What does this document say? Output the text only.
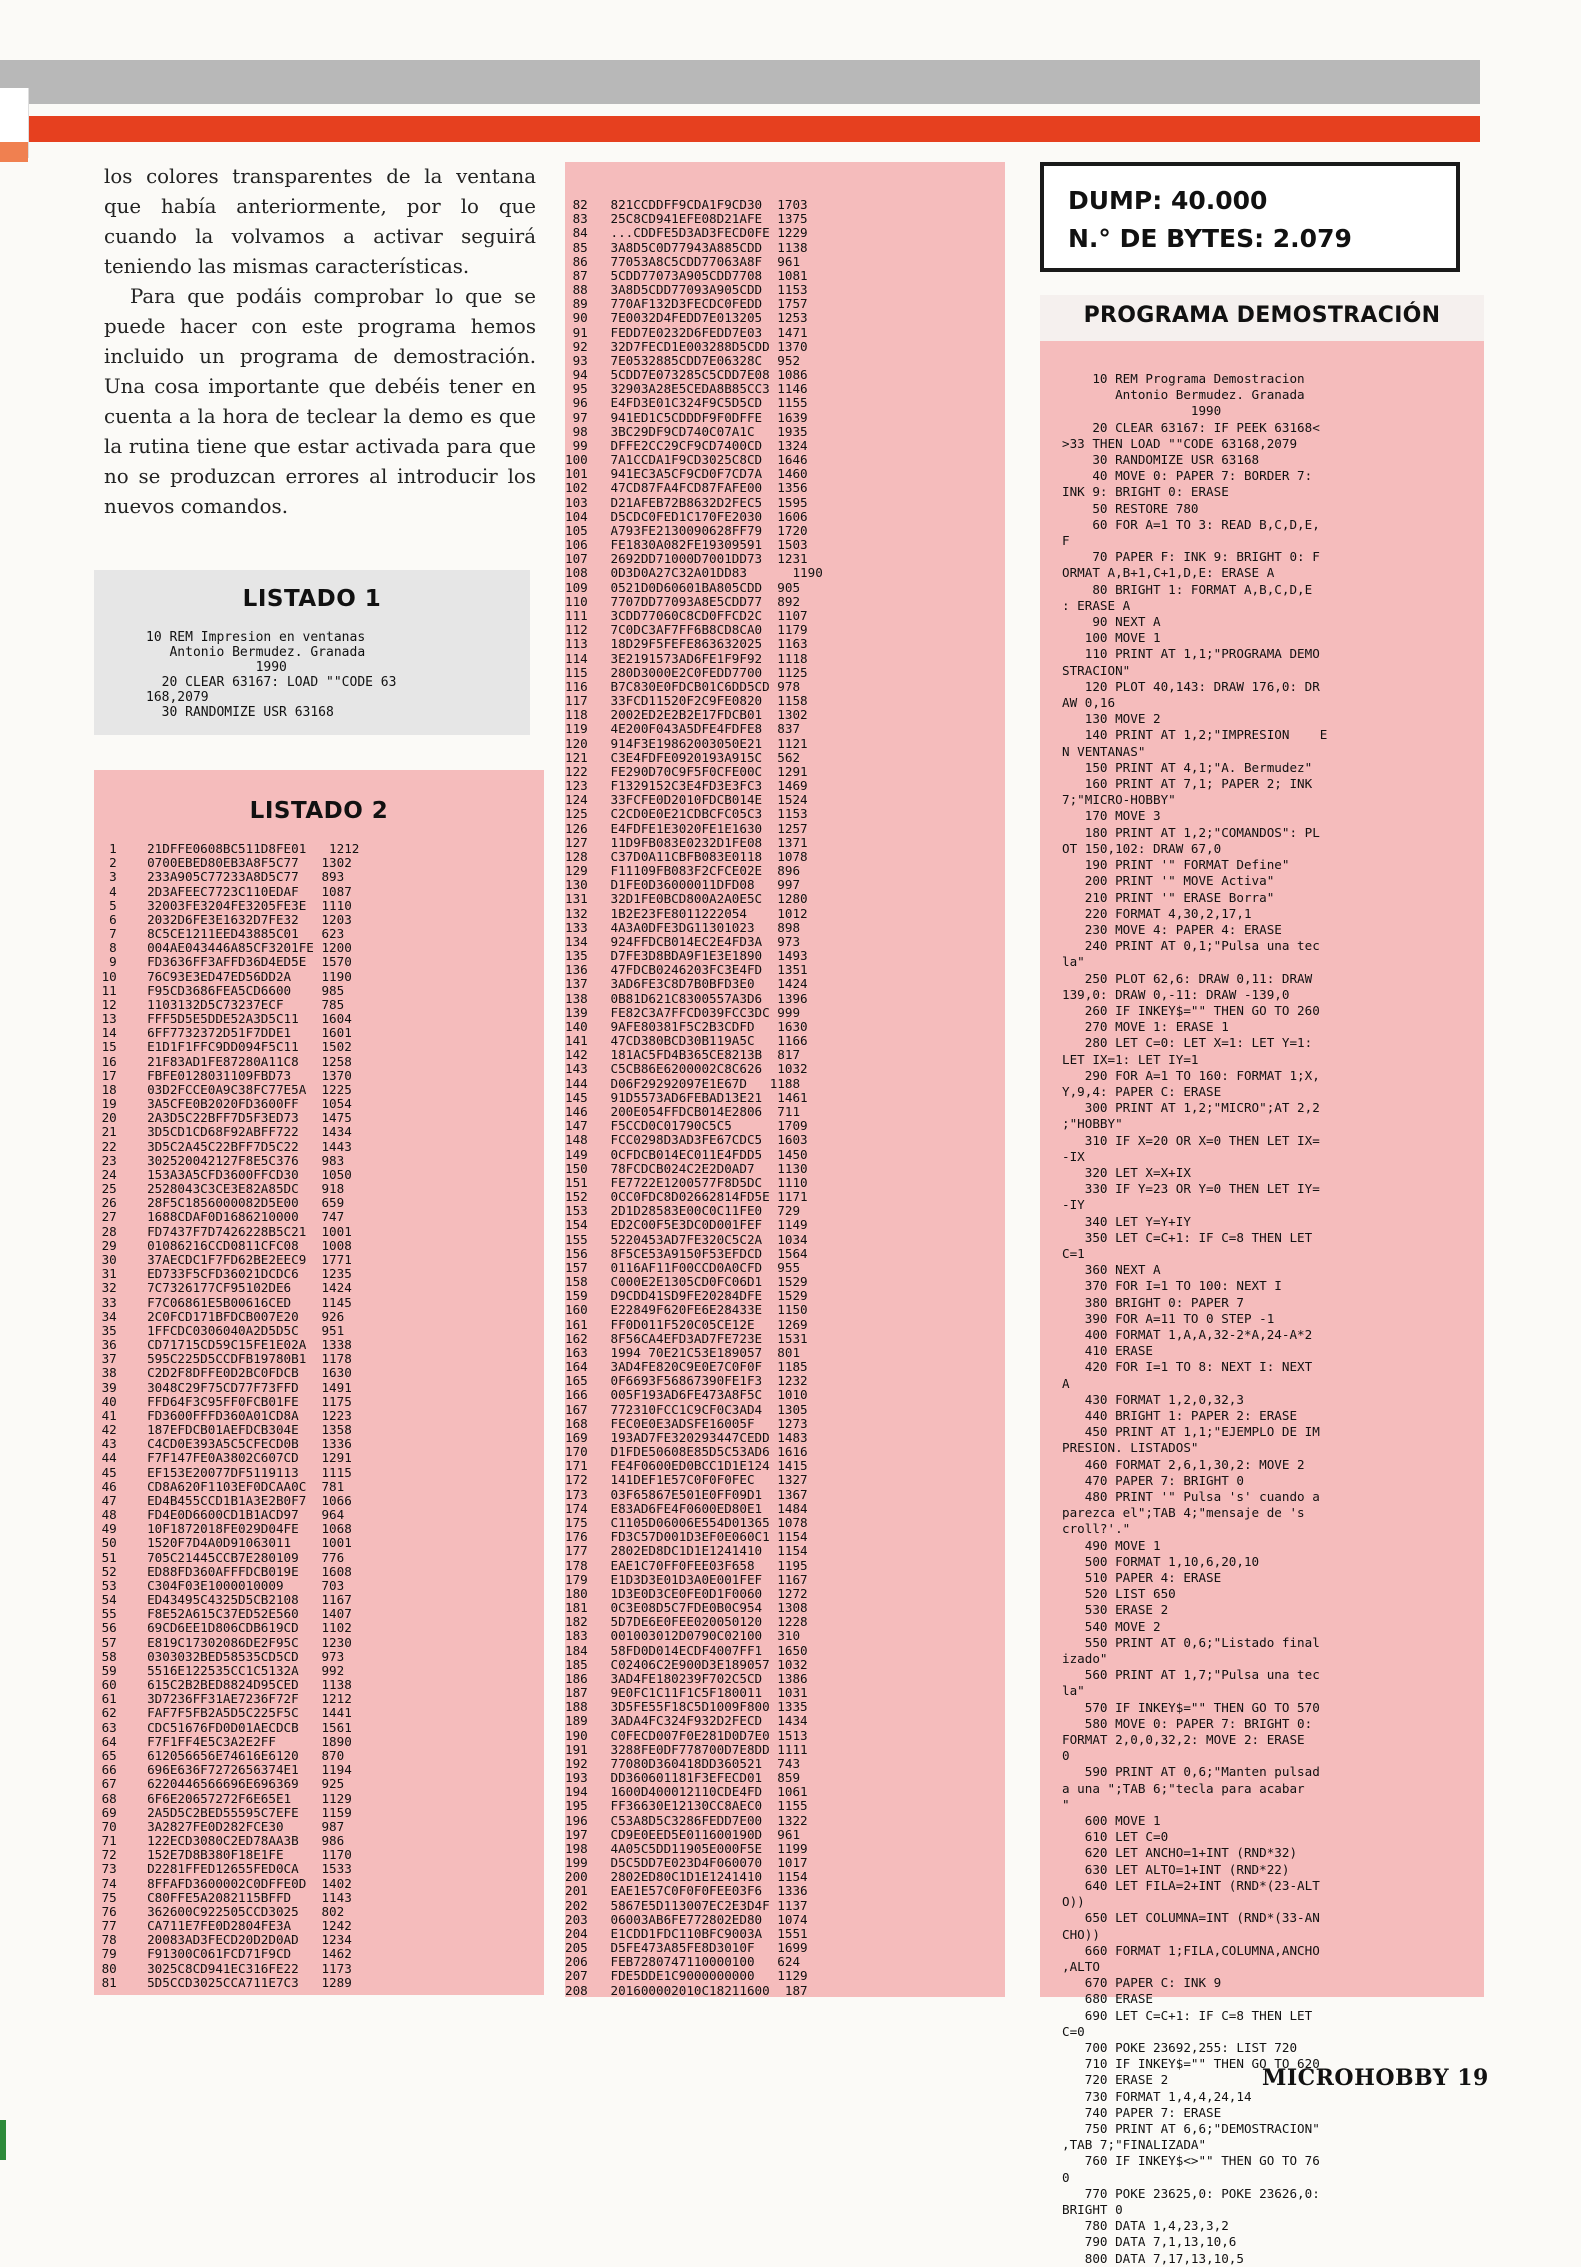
los colores transparentes de la ventana que había anteriormente, por lo que cuando la volvamos a activar seguirá teniendo las mismas características.

Para que podáis comprobar lo que se puede hacer con este programa hemos incluido un programa de demostración. Una cosa importante que debéis tener en cuenta a la hora de teclear la demo es que la rutina tiene que estar activada para que no se produzcan errores al introducir los nuevos comandos.

LISTADO 1
10 REM Impresion en ventanas
Antonio Bermudez. Granada
1990
20 CLEAR 63167: LOAD ""CODE 63
168,2079
30 RANDOMIZE USR 63168
LISTADO 2
1    21DFFE0608BC511D8FE01   1212
2    0700EBED80EB3A8F5C77   1302
3    233A905C77233A8D5C77   893
4    2D3AFEEC7723C110EDAF   1087
5    32003FE3204FE3205FE3E  1110
6    2032D6FE3E1632D7FE32   1203
7    8C5CE1211EED43885C01   623
8    004AE043446A85CF3201FE 1200
9    FD3636FF3AFFD36D4ED5E  1570
10    76C93E3ED47ED56DD2A    1190
11    F95CD3686FEA5CD6600    985
12    1103132D5C73237ECF     785
13    FFF5D5E5DDE52A3D5C11   1604
14    6FF7732372D51F7DDE1    1601
15    E1D1F1FFC9DD094F5C11   1502
16    21F83AD1FE87280A11C8   1258
17    FBFE0128031109FBD73    1370
18    03D2FCCE0A9C38FC77E5A  1225
19    3A5CFE0B2020FD3600FF   1054
20    2A3D5C22BFF7D5F3ED73   1475
21    3D5CD1CD68F92ABFF722   1434
22    3D5C2A45C22BFF7D5C22   1443
23    302520042127F8E5C376   983
24    153A3A5CFD3600FFCD30   1050
25    2528043C3CE3E82A85DC   918
26    28F5C1856000082D5E00   659
27    1688CDAF0D1686210000   747
28    FD7437F7D7426228B5C21  1001
29    01086216CCD0811CFC08   1008
30    37AECDC1F7FD62BE2EEC9  1771
31    ED733F5CFD36021DCDC6   1235
32    7C7326177CF95102DE6    1424
33    F7C06861E5B00616CED    1145
34    2C0FCD171BFDCB007E20   926
35    1FFCDC0306040A2D5D5C   951
36    CD71715CD59C15FE1E02A  1338
37    595C225D5CCDFB19780B1  1178
38    C2D2F8DFFE0D2BC0FDCB   1630
39    3048C29F75CD77F73FFD   1491
40    FFD64F3C95FF0FCB01FE   1175
41    FD3600FFFD360A01CD8A   1223
42    187EFDCB01AEFDCB304E   1358
43    C4CD0E393A5C5CFECD0B   1336
44    F7F147FE0A3802C607CD   1291
45    EF153E20077DF5119113   1115
46    CD8A620F1103EF0DCAA0C  781
47    ED4B455CCD1B1A3E2B0F7  1066
48    FD4E0D6600CD1B1ACD97   964
49    10F1872018FE029D04FE   1068
50    1520F7D4A0D91063011    1001
51    705C21445CCB7E280109   776
52    ED88FD360AFFFDCB019E   1608
53    C304F03E1000010009     703
54    ED43495C4325D5CB2108   1167
55    F8E52A615C37ED52E560   1407
56    69CD6EE1D806CDB619CD   1102
57    E819C17302086DE2F95C   1230
58    0303032BED58535CD5CD   973
59    5516E122535CC1C5132A   992
60    615C2B2BED8824D95CED   1138
61    3D7236FF31AE7236F72F   1212
62    FAF7F5FB2A5D5C225F5C   1441
63    CDC51676FD0D01AECDCB   1561
64    F7F1FF4E5C3A2E2FF      1890
65    612056656E74616E6120   870
66    696E636F7272656374E1   1194
67    6220446566696E696369   925
68    6F6E20657272F6E65E1    1129
69    2A5D5C2BED55595C7EFE   1159
70    3A2827FE0D282FCE30     987
71    122ECD3080C2ED78AA3B   986
72    152E7D8B380F18E1FE     1170
73    D2281FFED12655FED0CA   1533
74    8FFAFD3600002C0DFFE0D  1402
75    C80FFE5A2082115BFFD    1143
76    362600C922505CCD3025   802
77    CA711E7FE0D2804FE3A    1242
78    20083AD3FECD20D2D0AD   1234
79    F91300C061FCD71F9CD    1462
80    3025C8CD941EC316FE22   1173
81    5D5CCD3025CCA711E7C3   1289
82   821CCDDFF9CDA1F9CD30  1703
83   25C8CD941EFE08D21AFE  1375
84   ...CDDFE5D3AD3FECD0FE 1229
85   3A8D5C0D77943A885CDD  1138
86   77053A8C5CDD77063A8F  961
87   5CDD77073A905CDD7708  1081
88   3A8D5CDD77093A905CDD  1153
89   770AF132D3FECDC0FEDD  1757
90   7E0032D4FEDD7E013205  1253
91   FEDD7E0232D6FEDD7E03  1471
92   32D7FECD1E003288D5CDD 1370
93   7E0532885CDD7E06328C  952
94   5CDD7E073285C5CDD7E08 1086
95   32903A28E5CEDA8B85CC3 1146
96   E4FD3E01C324F9C5D5CD  1155
97   941ED1C5CDDDF9F0DFFE  1639
98   3BC29DF9CD740C07A1C   1935
99   DFFE2CC29CF9CD7400CD  1324
100   7A1CCDA1F9CD3025C8CD  1646
101   941EC3A5CF9CD0F7CD7A  1460
102   47CD87FA4FCD87FAFE00  1356
103   D21AFEB72B8632D2FEC5  1595
104   D5CDC0FED1C170FE2030  1606
105   A793FE2130090628FF79  1720
106   FE1830A082FE19309591  1503
107   2692DD71000D7001DD73  1231
108   0D3D0A27C32A01DD83      1190
109   0521D0D60601BA805CDD  905
110   7707DD77093A8E5CDD77  892
111   3CDD77060C8CD0FFCD2C  1107
112   7C0DC3AF7FF6B8CD8CA0  1179
113   18D29F5FEFE863632025  1163
114   3E2191573AD6FE1F9F92  1118
115   280D3000E2C0FEDD7700  1125
116   B7C830E0FDCB01C6DD5CD 978
117   33FCD11520F2C9FE0820  1158
118   2002ED2E2B2E17FDCB01  1302
119   4E200F043A5DFE4FDFE8  837
120   914F3E19862003050E21  1121
121   C3E4FDFE0920193A915C  562
122   FE290D70C9F5F0CFE00C  1291
123   F1329152C3E4FD3E3FC3  1469
124   33FCFE0D2010FDCB014E  1524
125   C2CD0E0E21CDBCFC05C3  1153
126   E4FDFE1E3020FE1E1630  1257
127   11D9FB083E0232D1FE08  1371
128   C37D0A11CBFB083E0118  1078
129   F11109FB083F2CFCE02E  896
130   D1FE0D36000011DFD08   997
131   32D1FE0BCD800A2A0E5C  1280
132   1B2E23FE8011222054    1012
133   4A3A0DFE3DG11301023   898
134   924FFDCB014EC2E4FD3A  973
135   D7FE3D8BDA9F1E3E1890  1493
136   47FDCB0246203FC3E4FD  1351
137   3AD6FE3C8D7B0BFD3E0   1424
138   0B81D621C8300557A3D6  1396
139   FE82C3A7FFCD039FCC3DC 999
140   9AFE80381F5C2B3CDFD   1630
141   47CD380BCD30B119A5C   1166
142   181AC5FD4B365CE8213B  817
143   C5CB86E6200002C8C626  1032
144   D06F29292097E1E67D   1188
145   91D5573AD6FEBAD13E21  1461
146   200E054FFDCB014E2806  711
147   F5CCD0C01790C5C5      1709
148   FCC0298D3AD3FE67CDC5  1603
149   0CFDCB014EC011E4FDD5  1450
150   78FCDCB024C2E2D0AD7   1130
151   FE7722E1200577F8D5DC  1110
152   0CC0FDC8D02662814FD5E 1171
153   2D1D28583E00C0C11FE0  729
154   ED2C00F5E3DC0D001FEF  1149
155   5220453AD7FE320C5C2A  1034
156   8F5CE53A9150F53EFDCD  1564
157   0116AF11F00CCD0A0CFD  955
158   C000E2E1305CD0FC06D1  1529
159   D9CDD41SD9FE20284DFE  1529
160   E22849F620FE6E28433E  1150
161   FF0D011F520C05CE12E   1269
162   8F56CA4EFD3AD7FE723E  1531
163   1994 70E21C53E189057  801
164   3AD4FE820C9E0E7C0F0F  1185
165   0F6693F56867390FE1F3  1232
166   005F193AD6FE473A8F5C  1010
167   772310FCC1C9CF0C3AD4  1305
168   FEC0E0E3ADSFE16005F   1273
169   193AD7FE320293447CEDD 1483
170   D1FDE50608E85D5C53AD6 1616
171   FE4F0600ED0BCC1D1E124 1415
172   141DEF1E57C0F0F0FEC   1327
173   03F65867E501E0FF09D1  1367
174   E83AD6FE4F0600ED80E1  1484
175   C1105D06006E554D01365 1078
176   FD3C57D001D3EF0E060C1 1154
177   2802ED8DC1D1E1241410  1154
178   EAE1C70FF0FEE03F658   1195
179   E1D3D3E01D3A0E001FEF  1167
180   1D3E0D3CE0FE0D1F0060  1272
181   0C3E08D5C7FDE0B0C954  1308
182   5D7DE6E0FEE020050120  1228
183   001003012D0790C02100  310
184   58FD0D014ECDF4007FF1  1650
185   C02406C2E900D3E189057 1032
186   3AD4FE180239F702C5CD  1386
187   9E0FC1C11F1C5F180011  1031
188   3D5FE55F18C5D1009F800 1335
189   3ADA4FC324F932D2FECD  1434
190   C0FECD007F0E281D0D7E0 1513
191   3288FE0DF778700D7E8DD 1111
192   77080D360418DD360521  743
193   DD360601181F3EFECD01  859
194   1600D400012110CDE4FD  1061
195   FF36630E12130CC8AEC0  1155
196   C53A8D5C3286FEDD7E00  1322
197   CD9E0EED5E011600190D  961
198   4A05C5DD11905E000F5E  1199
199   D5C5DD7E023D4F060070  1017
200   2802ED80C1D1E1241410  1154
201   EAE1E57C0F0F0FEE03F6  1336
202   5867E5D113007EC2E3D4F 1137
203   06003AB6FE772802ED80  1074
204   E1CDD1FDC110BFC9003A  1551
205   D5FE473A85FE8D3010F   1699
206   FEB7280747110000100   624
207   FDE5DDE1C9000000000   1129
208   201600002010C18211600  187
DUMP: 40.000
N.° DE BYTES: 2.079
PROGRAMA DEMOSTRACIÓN
10 REM Programa Demostracion
Antonio Bermudez. Granada
1990
20 CLEAR 63167: IF PEEK 63168<
>33 THEN LOAD ""CODE 63168,2079
30 RANDOMIZE USR 63168
40 MOVE 0: PAPER 7: BORDER 7:
INK 9: BRIGHT 0: ERASE
50 RESTORE 780
60 FOR A=1 TO 3: READ B,C,D,E,
F
70 PAPER F: INK 9: BRIGHT 0: F
ORMAT A,B+1,C+1,D,E: ERASE A
80 BRIGHT 1: FORMAT A,B,C,D,E
: ERASE A
90 NEXT A
100 MOVE 1
110 PRINT AT 1,1;"PROGRAMA DEMO
STRACION"
120 PLOT 40,143: DRAW 176,0: DR
AW 0,16
130 MOVE 2
140 PRINT AT 1,2;"IMPRESION    E
N VENTANAS"
150 PRINT AT 4,1;"A. Bermudez"
160 PRINT AT 7,1; PAPER 2; INK
7;"MICRO-HOBBY"
170 MOVE 3
180 PRINT AT 1,2;"COMANDOS": PL
OT 150,102: DRAW 67,0
190 PRINT '" FORMAT Define"
200 PRINT '" MOVE Activa"
210 PRINT '" ERASE Borra"
220 FORMAT 4,30,2,17,1
230 MOVE 4: PAPER 4: ERASE
240 PRINT AT 0,1;"Pulsa una tec
la"
250 PLOT 62,6: DRAW 0,11: DRAW
139,0: DRAW 0,-11: DRAW -139,0
260 IF INKEY$="" THEN GO TO 260
270 MOVE 1: ERASE 1
280 LET C=0: LET X=1: LET Y=1:
LET IX=1: LET IY=1
290 FOR A=1 TO 160: FORMAT 1;X,
Y,9,4: PAPER C: ERASE
300 PRINT AT 1,2;"MICRO";AT 2,2
;"HOBBY"
310 IF X=20 OR X=0 THEN LET IX=
-IX
320 LET X=X+IX
330 IF Y=23 OR Y=0 THEN LET IY=
-IY
340 LET Y=Y+IY
350 LET C=C+1: IF C=8 THEN LET
C=1
360 NEXT A
370 FOR I=1 TO 100: NEXT I
380 BRIGHT 0: PAPER 7
390 FOR A=11 TO 0 STEP -1
400 FORMAT 1,A,A,32-2*A,24-A*2
410 ERASE
420 FOR I=1 TO 8: NEXT I: NEXT
A
430 FORMAT 1,2,0,32,3
440 BRIGHT 1: PAPER 2: ERASE
450 PRINT AT 1,1;"EJEMPLO DE IM
PRESION. LISTADOS"
460 FORMAT 2,6,1,30,2: MOVE 2
470 PAPER 7: BRIGHT 0
480 PRINT '" Pulsa 's' cuando a
parezca el";TAB 4;"mensaje de 's
croll?'."
490 MOVE 1
500 FORMAT 1,10,6,20,10
510 PAPER 4: ERASE
520 LIST 650
530 ERASE 2
540 MOVE 2
550 PRINT AT 0,6;"Listado final
izado"
560 PRINT AT 1,7;"Pulsa una tec
la"
570 IF INKEY$="" THEN GO TO 570
580 MOVE 0: PAPER 7: BRIGHT 0:
FORMAT 2,0,0,32,2: MOVE 2: ERASE
0
590 PRINT AT 0,6;"Manten pulsad
a una ";TAB 6;"tecla para acabar
"
600 MOVE 1
610 LET C=0
620 LET ANCHO=1+INT (RND*32)
630 LET ALTO=1+INT (RND*22)
640 LET FILA=2+INT (RND*(23-ALT
O))
650 LET COLUMNA=INT (RND*(33-AN
CHO))
660 FORMAT 1;FILA,COLUMNA,ANCHO
,ALTO
670 PAPER C: INK 9
680 ERASE
690 LET C=C+1: IF C=8 THEN LET
C=0
700 POKE 23692,255: LIST 720
710 IF INKEY$="" THEN GO TO 620
720 ERASE 2
730 FORMAT 1,4,4,24,14
740 PAPER 7: ERASE
750 PRINT AT 6,6;"DEMOSTRACION"
,TAB 7;"FINALIZADA"
760 IF INKEY$<>"" THEN GO TO 76
0
770 POKE 23625,0: POKE 23626,0:
BRIGHT 0
780 DATA 1,4,23,3,2
790 DATA 7,1,13,10,6
800 DATA 7,17,13,10,5
MICROHOBBY 19
